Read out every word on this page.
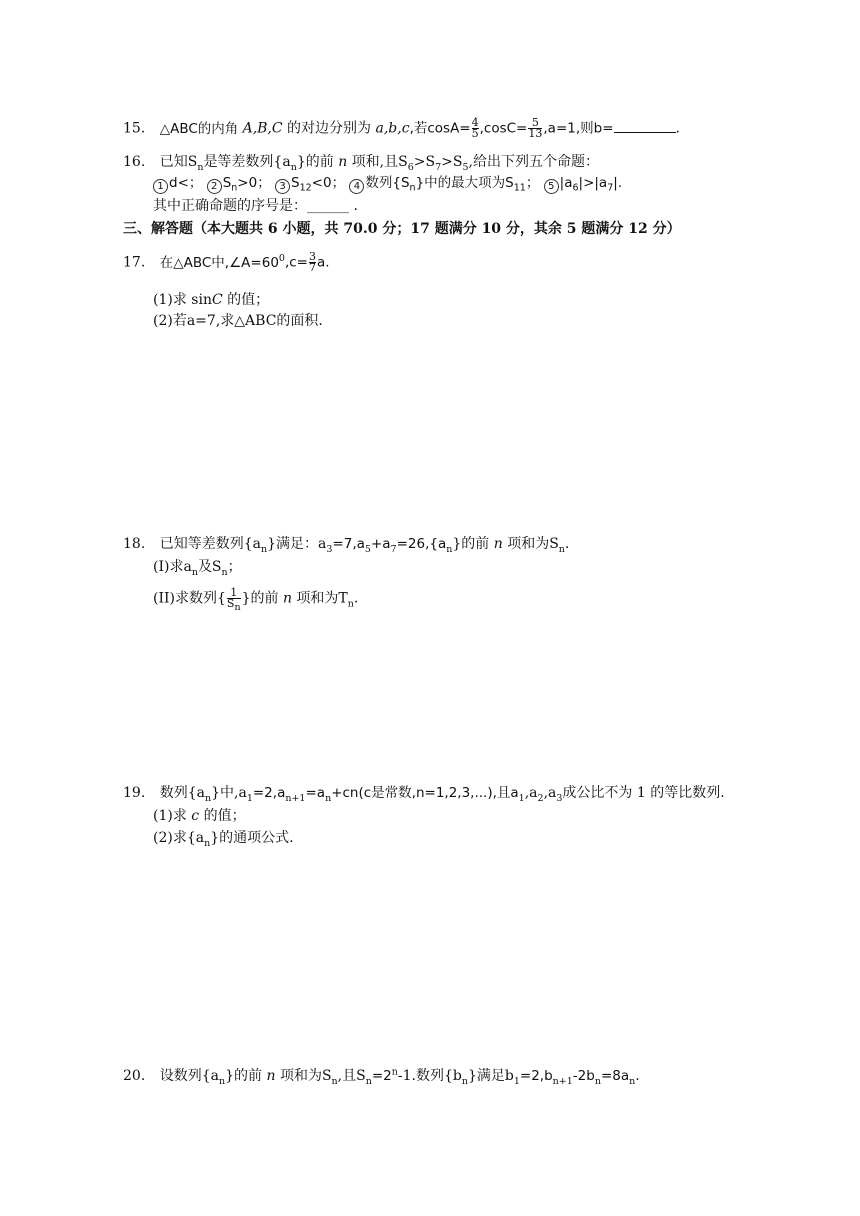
15. △ABC的内角 A,B,C 的对边分别为 a,b,c,若$\cos A= \frac{4}{5} ,\cos C= \frac{5}{13} ,a=1$,则b=	.
16. 已知$S_n$是等差数列$\{a_n\}$的前 n 项和,且$S_6>S_7>S_5$,给出下列五个命题：
1 d<； 2 $S_n>0$； 3 $S_{12}<0$； 4 数列$\{S_n\}$中的最大项为$S_{11}$； 5 $|a_6|>|a_7|$.
其中正确命题的序号是：______ .
三、解答题（本大题共 6 小题，共 70.0 分；17 题满分 10 分，其余 5 题满分 12 分）
17. 在△ABC中$,\angle A=60^0,c= \frac{3}{7} a$.
(1)求 sinC 的值；
(2)若a=7,求△ABC的面积.
18. 已知等差数列$\{a_n\}$满足：$a_3=7,a_5+a_7=26,\{a_n\}$的前 n 项和为$S_n$.
(I)求$a_n$及$S_n$；
(II)求数列{ $\frac{1}{S_n}$ }的前 n 项和为$T_n$.
19. 数列$\{a_n\}$中$,a_1=2,a_{n+1}=a_n+cn(c$是常数,n=1,2,3,...),且$a_1,a_2,a_3$成公比不为 1 的等比数列.
(1)求 c 的值；
(2)求$\{a_n\}$的通项公式.
20. 设数列$\{a_n\}$的前 n 项和为$S_n$,且$S_n=2^n-1$.数列$\{b_n\}$满足$b_1=2,b_{n+1}-2b_n=8a_n$.
